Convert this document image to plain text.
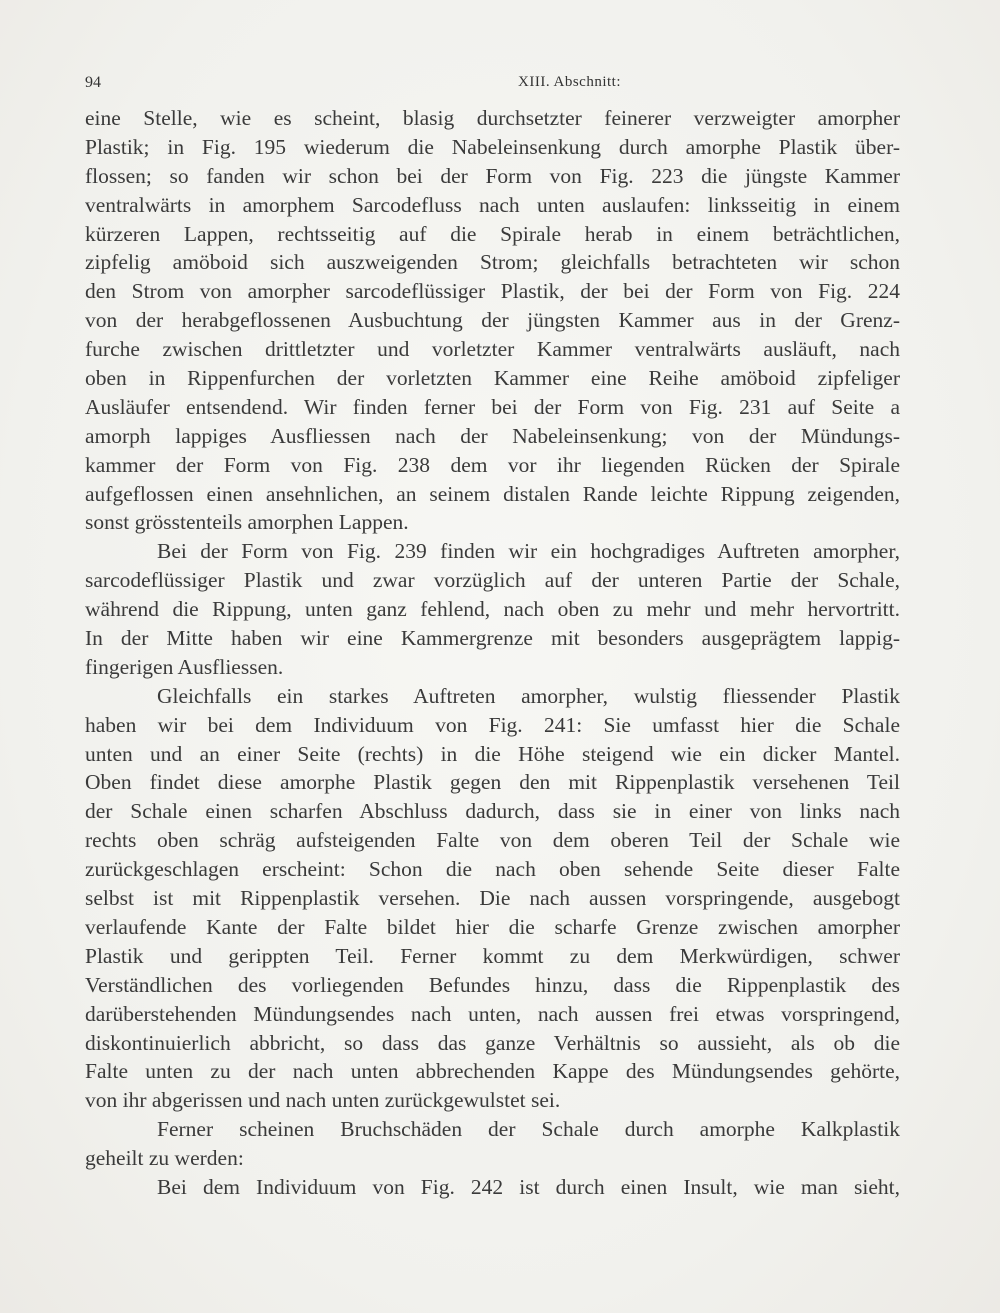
94	XIII. Abschnitt:
eine Stelle, wie es scheint, blasig durchsetzter feinerer verzweigter amorpher
Plastik; in Fig. 195 wiederum die Nabeleinsenkung durch amorphe Plastik über-
flossen; so fanden wir schon bei der Form von Fig. 223 die jüngste Kammer
ventralwärts in amorphem Sarcodefluss nach unten auslaufen: linksseitig in einem
kürzeren Lappen, rechtsseitig auf die Spirale herab in einem beträchtlichen,
zipfelig amöboid sich auszweigenden Strom; gleichfalls betrachteten wir schon
den Strom von amorpher sarcodeflüssiger Plastik, der bei der Form von Fig. 224
von der herabgeflossenen Ausbuchtung der jüngsten Kammer aus in der Grenz-
furche zwischen drittletzter und vorletzter Kammer ventralwärts ausläuft, nach
oben in Rippenfurchen der vorletzten Kammer eine Reihe amöboid zipfeliger
Ausläufer entsendend. Wir finden ferner bei der Form von Fig. 231 auf Seite a
amorph lappiges Ausfliessen nach der Nabeleinsenkung; von der Mündungs-
kammer der Form von Fig. 238 dem vor ihr liegenden Rücken der Spirale
aufgeflossen einen ansehnlichen, an seinem distalen Rande leichte Rippung zeigenden,
sonst grösstenteils amorphen Lappen.
Bei der Form von Fig. 239 finden wir ein hochgradiges Auftreten amorpher,
sarcodeflüssiger Plastik und zwar vorzüglich auf der unteren Partie der Schale,
während die Rippung, unten ganz fehlend, nach oben zu mehr und mehr hervortritt.
In der Mitte haben wir eine Kammergrenze mit besonders ausgeprägtem lappig-
fingerigen Ausfliessen.
Gleichfalls ein starkes Auftreten amorpher, wulstig fliessender Plastik
haben wir bei dem Individuum von Fig. 241: Sie umfasst hier die Schale
unten und an einer Seite (rechts) in die Höhe steigend wie ein dicker Mantel.
Oben findet diese amorphe Plastik gegen den mit Rippenplastik versehenen Teil
der Schale einen scharfen Abschluss dadurch, dass sie in einer von links nach
rechts oben schräg aufsteigenden Falte von dem oberen Teil der Schale wie
zurückgeschlagen erscheint: Schon die nach oben sehende Seite dieser Falte
selbst ist mit Rippenplastik versehen. Die nach aussen vorspringende, ausgebogt
verlaufende Kante der Falte bildet hier die scharfe Grenze zwischen amorpher
Plastik und gerippten Teil. Ferner kommt zu dem Merkwürdigen, schwer
Verständlichen des vorliegenden Befundes hinzu, dass die Rippenplastik des
darüberstehenden Mündungsendes nach unten, nach aussen frei etwas vorspringend,
diskontinuierlich abbricht, so dass das ganze Verhältnis so aussieht, als ob die
Falte unten zu der nach unten abbrechenden Kappe des Mündungsendes gehörte,
von ihr abgerissen und nach unten zurückgewulstet sei.
Ferner scheinen Bruchschäden der Schale durch amorphe Kalkplastik
geheilt zu werden:
Bei dem Individuum von Fig. 242 ist durch einen Insult, wie man sieht,
